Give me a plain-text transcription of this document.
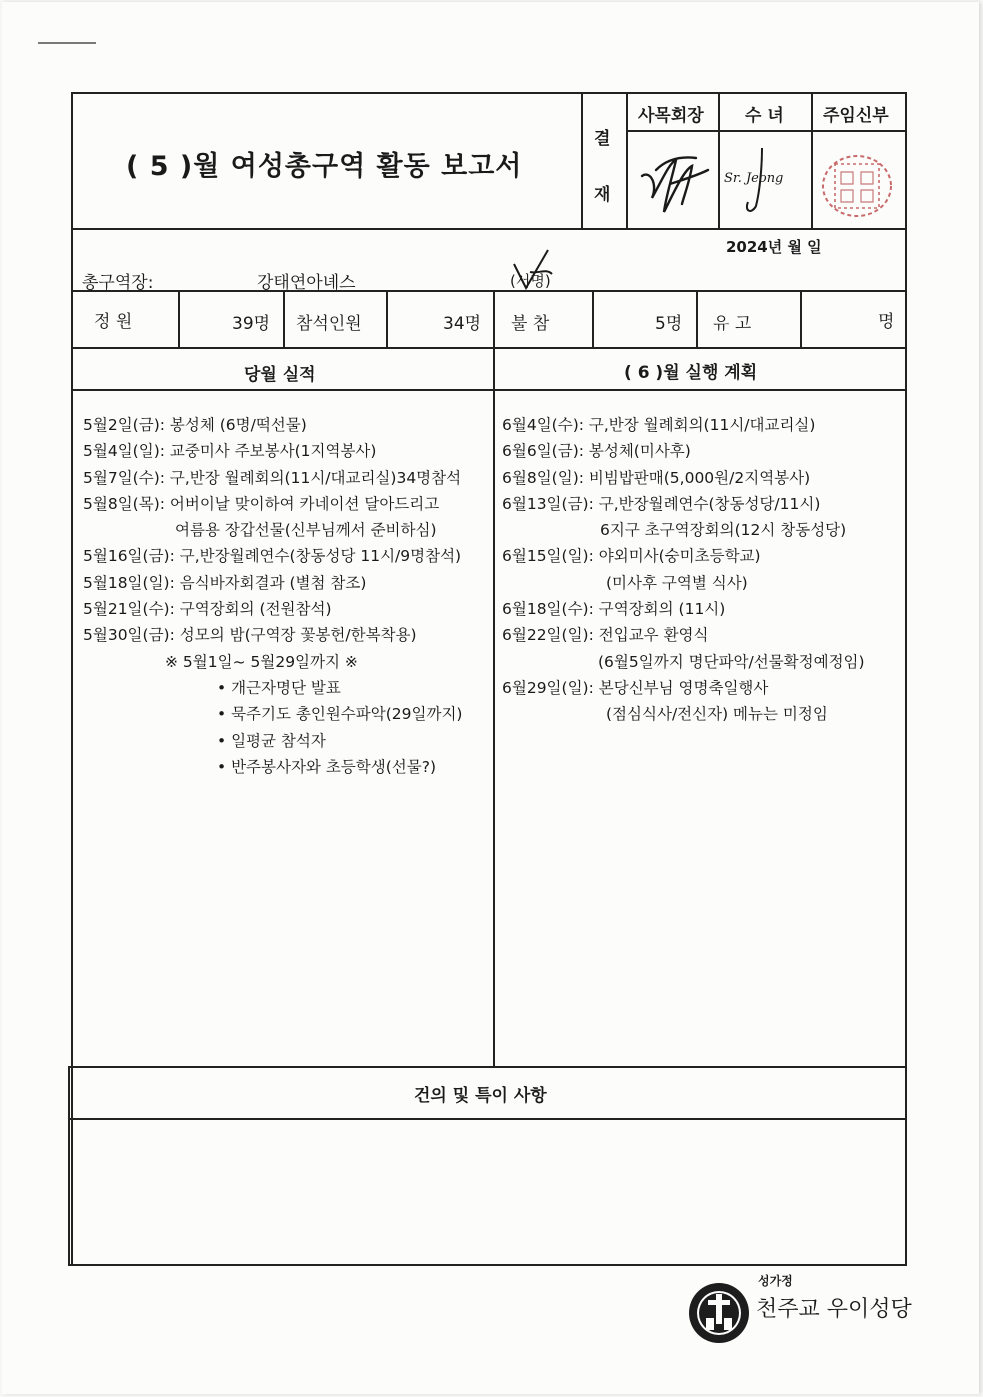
( 5 )월 여성총구역 활동 보고서
결
재
사목회장 수 녀 주임신부
Sr. Jeong
2024년 월 일
총구역장:	강태연아녜스	(서명)
정 원	39명 참석인원	34명 불 참	5명 유 고	명
당월 실적	( 6 )월 실행 계획
5월2일(금): 봉성체 (6명/떡선물)
5월4일(일): 교중미사 주보봉사(1지역봉사)
5월7일(수): 구,반장 월례회의(11시/대교리실)34명참석
5월8일(목): 어버이날 맞이하여 카네이션 달아드리고
여름용 장갑선물(신부님께서 준비하심)
5월16일(금): 구,반장월례연수(창동성당 11시/9명참석)
5월18일(일): 음식바자회결과 (별첨 참조)
5월21일(수): 구역장회의 (전원참석)
5월30일(금): 성모의 밤(구역장 꽃봉헌/한복착용)
※ 5월1일~ 5월29일까지 ※
• 개근자명단 발표
• 묵주기도 총인원수파악(29일까지)
• 일평균 참석자
• 반주봉사자와 초등학생(선물?)
6월4일(수): 구,반장 월례회의(11시/대교리실)
6월6일(금): 봉성체(미사후)
6월8일(일): 비빔밥판매(5,000원/2지역봉사)
6월13일(금): 구,반장월례연수(창동성당/11시)
6지구 초구역장회의(12시 창동성당)
6월15일(일): 야외미사(숭미초등학교)
(미사후 구역별 식사)
6월18일(수): 구역장회의 (11시)
6월22일(일): 전입교우 환영식
(6월5일까지 명단파악/선물확정예정임)
6월29일(일): 본당신부님 영명축일행사
(점심식사/전신자) 메뉴는 미정임
건의 및 특이 사항
성가정
천주교 우이성당
